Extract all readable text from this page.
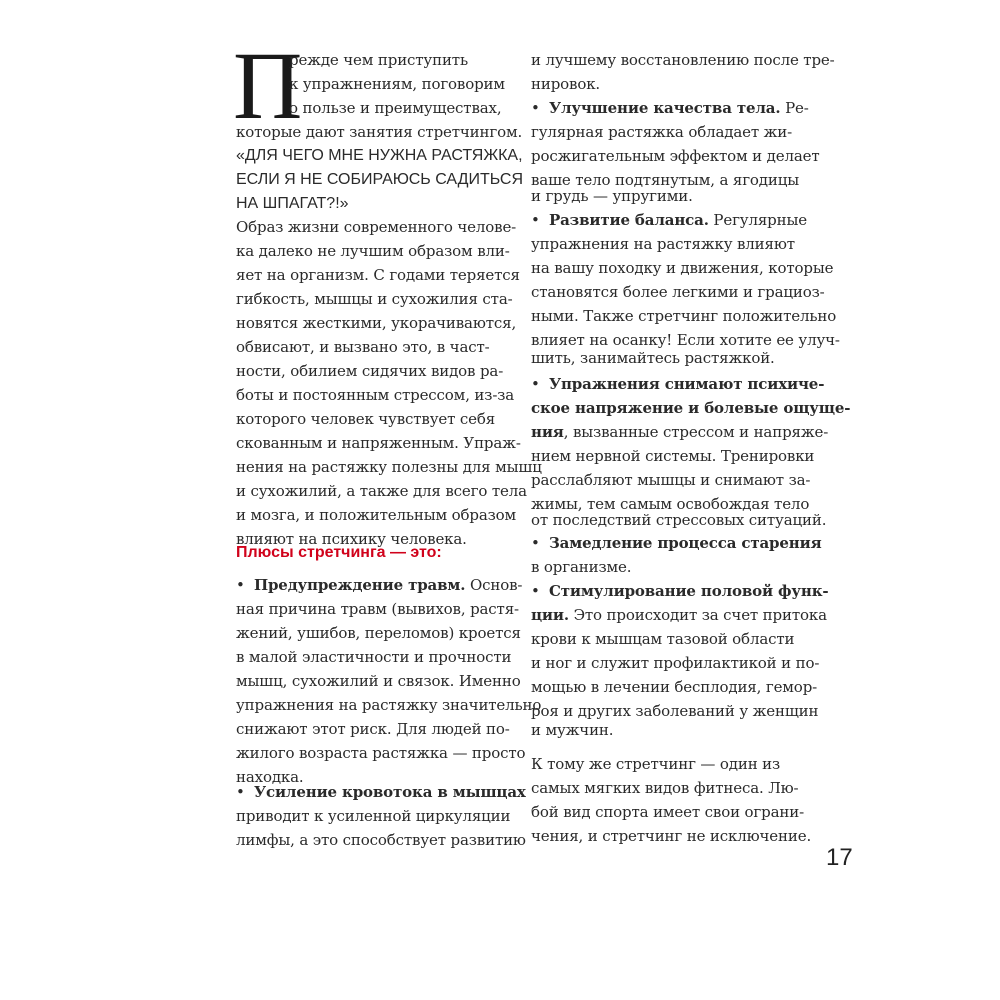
П
режде чем приступить
к упражнениям, поговорим
о пользе и преимуществах,
которые дают занятия стретчингом.
«ДЛЯ ЧЕГО МНЕ НУЖНА РАСТЯЖКА,
ЕСЛИ Я НЕ СОБИРАЮСЬ САДИТЬСЯ
НА ШПАГАТ?!»
Образ жизни современного челове-
ка далеко не лучшим образом вли-
яет на организм. С годами теряется
гибкость, мышцы и сухожилия ста-
новятся жесткими, укорачиваются,
обвисают, и вызвано это, в част-
ности, обилием сидячих видов ра-
боты и постоянным стрессом, из-за
которого человек чувствует себя
скованным и напряженным. Упраж-
нения на растяжку полезны для мышц
и сухожилий, а также для всего тела
и мозга, и положительным образом
влияют на психику человека.
Плюсы стретчинга — это:
• Предупреждение травм. Основ-
ная причина травм (вывихов, растя-
жений, ушибов, переломов) кроется
в малой эластичности и прочности
мышц, сухожилий и связок. Именно
упражнения на растяжку значительно
снижают этот риск. Для людей по-
жилого возраста растяжка — просто
находка.
• Усиление кровотока в мышцах
приводит к усиленной циркуляции
лимфы, а это способствует развитию
и лучшему восстановлению после тре-
нировок.
• Улучшение качества тела. Ре-
гулярная растяжка обладает жи-
росжигательным эффектом и делает
ваше тело подтянутым, а ягодицы
и грудь — упругими.
• Развитие баланса. Регулярные
упражнения на растяжку влияют
на вашу походку и движения, которые
становятся более легкими и грациоз-
ными. Также стретчинг положительно
влияет на осанку! Если хотите ее улуч-
шить, занимайтесь растяжкой.
• Упражнения снимают психиче-
ское напряжение и болевые ощуще-
ния, вызванные стрессом и напряже-
нием нервной системы. Тренировки
расслабляют мышцы и снимают за-
жимы, тем самым освобождая тело
от последствий стрессовых ситуаций.
• Замедление процесса старения
в организме.
• Стимулирование половой функ-
ции. Это происходит за счет притока
крови к мышцам тазовой области
и ног и служит профилактикой и по-
мощью в лечении бесплодия, гемор-
роя и других заболеваний у женщин
и мужчин.
К тому же стретчинг — один из
самых мягких видов фитнеса. Лю-
бой вид спорта имеет свои ограни-
чения, и стретчинг не исключение.
17
